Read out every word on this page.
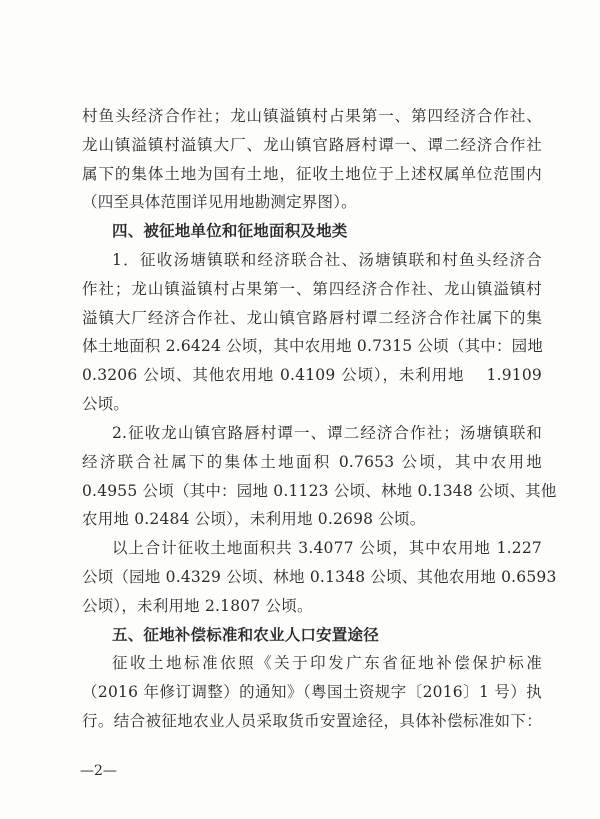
村鱼头经济合作社；龙山镇溢镇村占果第一、第四经济合作社、
龙山镇溢镇村溢镇大厂、龙山镇官路唇村谭一、谭二经济合作社
属下的集体土地为国有土地，征收土地位于上述权属单位范围内
（四至具体范围详见用地勘测定界图）。
四、被征地单位和征地面积及地类
1．征收汤塘镇联和经济联合社、汤塘镇联和村鱼头经济合
作社；龙山镇溢镇村占果第一、第四经济合作社、龙山镇溢镇村
溢镇大厂经济合作社、龙山镇官路唇村谭二经济合作社属下的集
体土地面积 2.6424 公顷，其中农用地 0.7315 公顷（其中：园地
0.3206 公顷、其他农用地 0.4109 公顷），未利用地　 1.9109
公顷。
2.征收龙山镇官路唇村谭一、谭二经济合作社；汤塘镇联和
经济联合社属下的集体土地面积 0.7653 公顷，其中农用地
0.4955 公顷（其中：园地 0.1123 公顷、林地 0.1348 公顷、其他
农用地 0.2484 公顷），未利用地 0.2698 公顷。
以上合计征收土地面积共 3.4077 公顷，其中农用地 1.227
公顷（园地 0.4329 公顷、林地 0.1348 公顷、其他农用地 0.6593
公顷），未利用地 2.1807 公顷。
五、征地补偿标准和农业人口安置途径
征收土地标准依照《关于印发广东省征地补偿保护标准
（2016 年修订调整）的通知》（粤国土资规字〔2016〕1 号）执
行。结合被征地农业人员采取货币安置途径，具体补偿标准如下：
—2—
